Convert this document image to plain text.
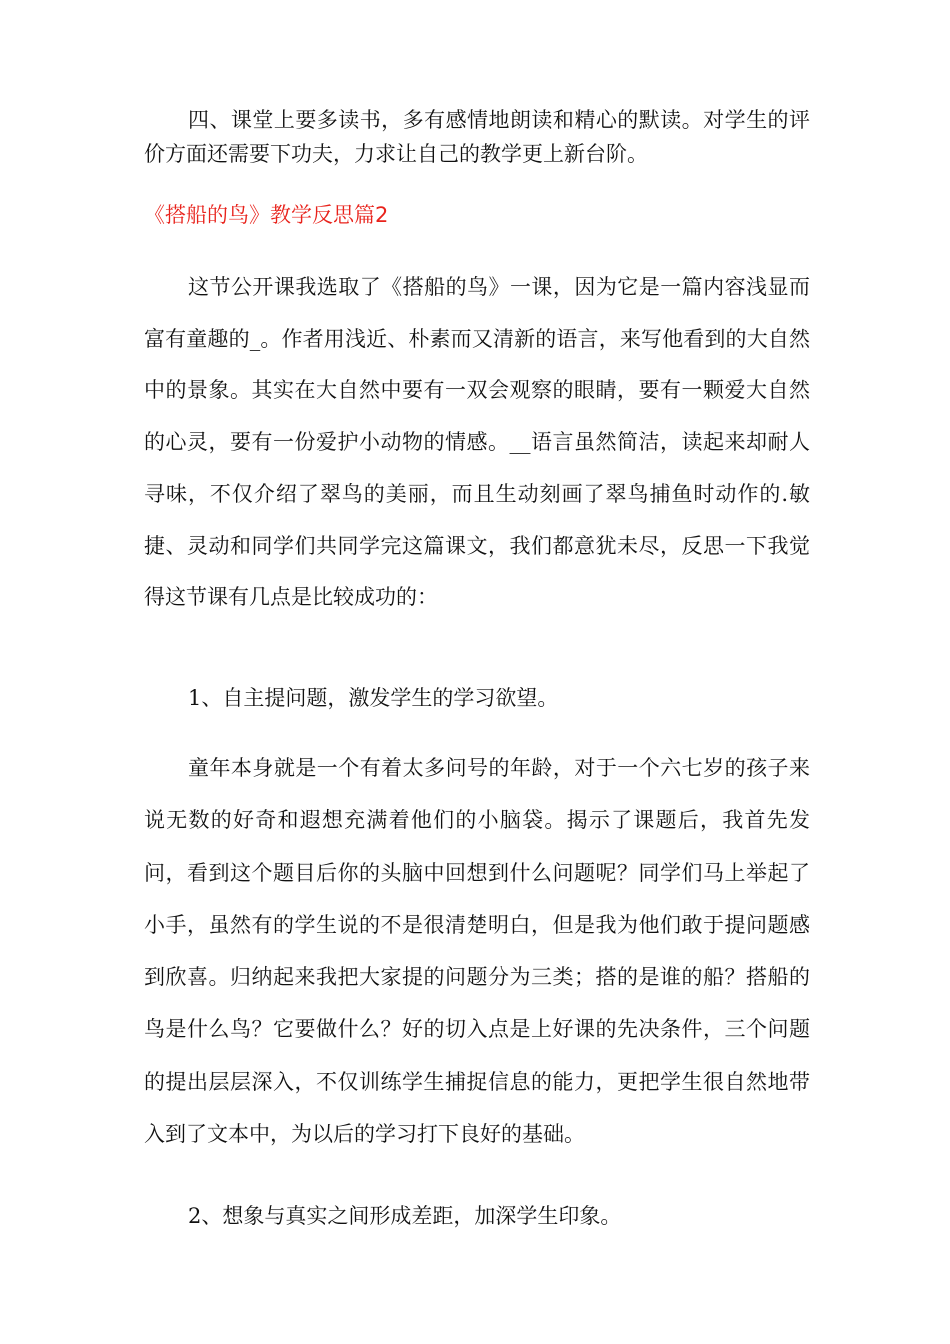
四、课堂上要多读书，多有感情地朗读和精心的默读。对学生的评价方面还需要下功夫，力求让自己的教学更上新台阶。

《搭船的鸟》教学反思篇2

这节公开课我选取了《搭船的鸟》一课，因为它是一篇内容浅显而富有童趣的_。作者用浅近、朴素而又清新的语言，来写他看到的大自然中的景象。其实在大自然中要有一双会观察的眼睛，要有一颗爱大自然的心灵，要有一份爱护小动物的情感。__语言虽然简洁，读起来却耐人寻味，不仅介绍了翠鸟的美丽，而且生动刻画了翠鸟捕鱼时动作的.敏捷、灵动和同学们共同学完这篇课文，我们都意犹未尽，反思一下我觉得这节课有几点是比较成功的：

1、自主提问题，激发学生的学习欲望。

童年本身就是一个有着太多问号的年龄，对于一个六七岁的孩子来说无数的好奇和遐想充满着他们的小脑袋。揭示了课题后，我首先发问，看到这个题目后你的头脑中回想到什么问题呢？同学们马上举起了小手，虽然有的学生说的不是很清楚明白，但是我为他们敢于提问题感到欣喜。归纳起来我把大家提的问题分为三类；搭的是谁的船？搭船的鸟是什么鸟？它要做什么？好的切入点是上好课的先决条件，三个问题的提出层层深入，不仅训练学生捕捉信息的能力，更把学生很自然地带入到了文本中，为以后的学习打下良好的基础。

2、想象与真实之间形成差距，加深学生印象。
